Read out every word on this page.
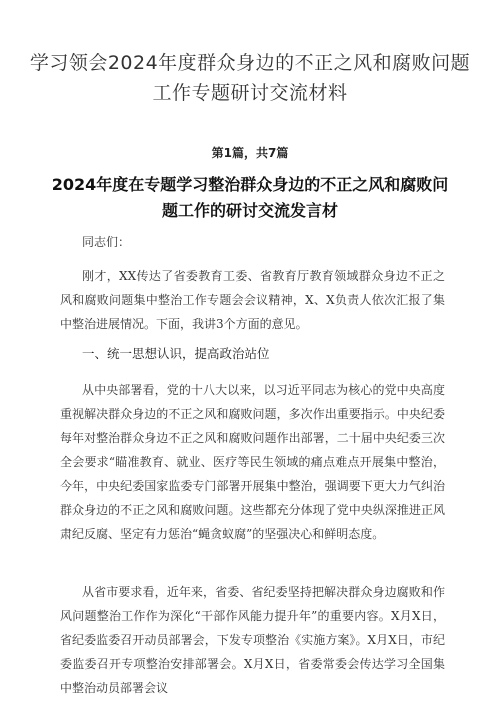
学习领会2024年度群众身边的不正之风和腐败问题
工作专题研讨交流材料
第1篇，共7篇
2024年度在专题学习整治群众身边的不正之风和腐败问
题工作的研讨交流发言材
同志们：
刚才，XX传达了省委教育工委、省教育厅教育领域群众身边不正之风和腐败问题集中整治工作专题会会议精神，X、X负责人依次汇报了集中整治进展情况。下面，我讲3个方面的意见。
一、统一思想认识，提高政治站位
从中央部署看，党的十八大以来，以习近平同志为核心的党中央高度重视解决群众身边的不正之风和腐败问题，多次作出重要指示。中央纪委每年对整治群众身边不正之风和腐败问题作出部署，二十届中央纪委三次全会要求“瞄准教育、就业、医疗等民生领域的痛点难点开展集中整治，今年，中央纪委国家监委专门部署开展集中整治，强调要下更大力气纠治群众身边的不正之风和腐败问题。这些都充分体现了党中央纵深推进正风肃纪反腐、坚定有力惩治“蝇贪蚁腐”的坚强决心和鲜明态度。
从省市要求看，近年来，省委、省纪委坚持把解决群众身边腐败和作风问题整治工作作为深化“干部作风能力提升年”的重要内容。X月X日，省纪委监委召开动员部署会，下发专项整治《实施方案》。X月X日，市纪委监委召开专项整治安排部署会。X月X日，省委常委会传达学习全国集中整治动员部署会议
